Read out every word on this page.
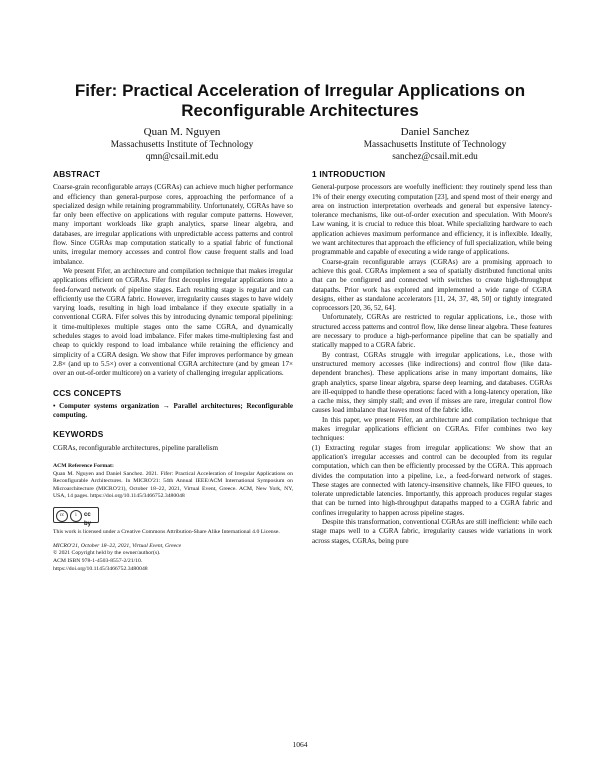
Fifer: Practical Acceleration of Irregular Applications on Reconfigurable Architectures
Quan M. Nguyen
Massachusetts Institute of Technology
qmn@csail.mit.edu
Daniel Sanchez
Massachusetts Institute of Technology
sanchez@csail.mit.edu
ABSTRACT

Coarse-grain reconfigurable arrays (CGRAs) can achieve much higher performance and efficiency than general-purpose cores, approaching the performance of a specialized design while retaining programmability. Unfortunately, CGRAs have so far only been effective on applications with regular compute patterns. However, many important workloads like graph analytics, sparse linear algebra, and databases, are irregular applications with unpredictable access patterns and control flow. Since CGRAs map computation statically to a spatial fabric of functional units, irregular memory accesses and control flow cause frequent stalls and load imbalance.

We present Fifer, an architecture and compilation technique that makes irregular applications efficient on CGRAs. Fifer first decouples irregular applications into a feed-forward network of pipeline stages. Each resulting stage is regular and can efficiently use the CGRA fabric. However, irregularity causes stages to have widely varying loads, resulting in high load imbalance if they execute spatially in a conventional CGRA. Fifer solves this by introducing dynamic temporal pipelining: it time-multiplexes multiple stages onto the same CGRA, and dynamically schedules stages to avoid load imbalance. Fifer makes time-multiplexing fast and cheap to quickly respond to load imbalance while retaining the efficiency and simplicity of a CGRA design. We show that Fifer improves performance by gmean 2.8× (and up to 5.5×) over a conventional CGRA architecture (and by gmean 17× over an out-of-order multicore) on a variety of challenging irregular applications.

CCS CONCEPTS

• Computer systems organization → Parallel architectures; Reconfigurable computing.

KEYWORDS

CGRAs, reconfigurable architectures, pipeline parallelism

ACM Reference Format:
Quan M. Nguyen and Daniel Sanchez. 2021. Fifer: Practical Acceleration of Irregular Applications on Reconfigurable Architectures. In MICRO'21: 54th Annual IEEE/ACM International Symposium on Microarchitecture (MICRO'21), October 18–22, 2021, Virtual Event, Greece. ACM, New York, NY, USA, 14 pages. https://doi.org/10.1145/3466752.3480048
cc	i	cc by
This work is licensed under a Creative Commons Attribution-Share Alike International 4.0 License.
MICRO'21, October 18–22, 2021, Virtual Event, Greece
© 2021 Copyright held by the owner/author(s).
ACM ISBN 978-1-4503-8557-2/21/10.
https://doi.org/10.1145/3466752.3480048
1 INTRODUCTION

General-purpose processors are woefully inefficient: they routinely spend less than 1% of their energy executing computation [23], and spend most of their energy and area on instruction interpretation overheads and general but expensive latency-tolerance mechanisms, like out-of-order execution and speculation. With Moore's Law waning, it is crucial to reduce this bloat. While specializing hardware to each application achieves maximum performance and efficiency, it is inflexible. Ideally, we want architectures that approach the efficiency of full specialization, while being programmable and capable of executing a wide range of applications.

Coarse-grain reconfigurable arrays (CGRAs) are a promising approach to achieve this goal. CGRAs implement a sea of spatially distributed functional units that can be configured and connected with switches to create high-throughput datapaths. Prior work has explored and implemented a wide range of CGRA designs, either as standalone accelerators [11, 24, 37, 48, 50] or tightly integrated coprocessors [20, 36, 52, 64].

Unfortunately, CGRAs are restricted to regular applications, i.e., those with structured access patterns and control flow, like dense linear algebra. These features are necessary to produce a high-performance pipeline that can be spatially and statically mapped to a CGRA fabric.

By contrast, CGRAs struggle with irregular applications, i.e., those with unstructured memory accesses (like indirections) and control flow (like data-dependent branches). These applications arise in many important domains, like graph analytics, sparse linear algebra, sparse deep learning, and databases. CGRAs are ill-equipped to handle these operations: faced with a long-latency operation, like a cache miss, they simply stall; and even if misses are rare, irregular control flow causes load imbalance that leaves most of the fabric idle.

In this paper, we present Fifer, an architecture and compilation technique that makes irregular applications efficient on CGRAs. Fifer combines two key techniques:

(1) Extracting regular stages from irregular applications: We show that an application's irregular accesses and control can be decoupled from its regular computation, which can then be efficiently processed by the CGRA. This approach divides the computation into a pipeline, i.e., a feed-forward network of stages. These stages are connected with latency-insensitive channels, like FIFO queues, to tolerate unpredictable latencies. Importantly, this approach produces regular stages that can be turned into high-throughput datapaths mapped to a CGRA fabric and confines irregularity to happen across pipeline stages.

Despite this transformation, conventional CGRAs are still inefficient: while each stage maps well to a CGRA fabric, irregularity causes wide variations in work across stages, CGRAs, being pure

1064
